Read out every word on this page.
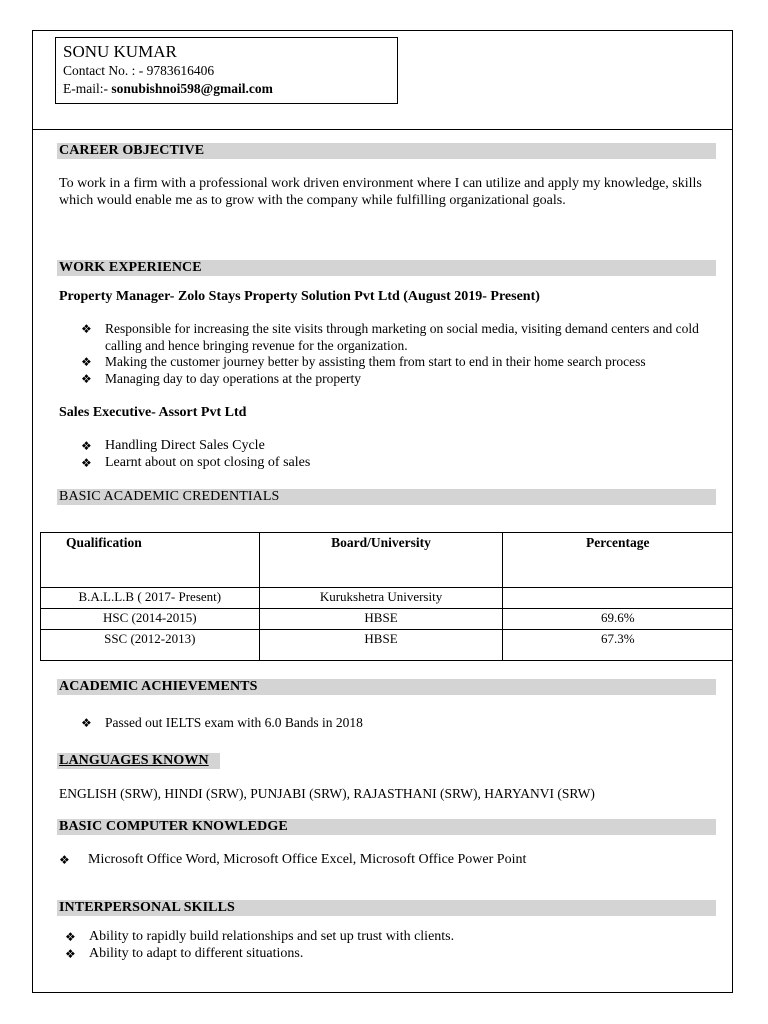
SONU KUMAR
Contact No. : - 9783616406
E-mail:- sonubishnoi598@gmail.com
CAREER OBJECTIVE
To work in a firm with a professional work driven environment where I can utilize and apply my knowledge, skills which would enable me as to grow with the company while fulfilling organizational goals.
WORK EXPERIENCE
Property Manager- Zolo Stays Property Solution Pvt Ltd (August 2019- Present)
❖ Responsible for increasing the site visits through marketing on social media, visiting demand centers and cold calling and hence bringing revenue for the organization.
❖ Making the customer journey better by assisting them from start to end in their home search process
❖ Managing day to day operations at the property
Sales Executive- Assort Pvt Ltd
❖ Handling Direct Sales Cycle
❖ Learnt about on spot closing of sales
BASIC ACADEMIC CREDENTIALS
Qualification	Board/University	Percentage
B.A.L.L.B ( 2017- Present)	Kurukshetra University	
HSC (2014-2015)	HBSE	69.6%
SSC (2012-2013)	HBSE	67.3%
ACADEMIC ACHIEVEMENTS
❖ Passed out IELTS exam with 6.0 Bands in 2018
LANGUAGES KNOWN
ENGLISH (SRW), HINDI (SRW), PUNJABI (SRW), RAJASTHANI (SRW), HARYANVI (SRW)
BASIC COMPUTER KNOWLEDGE
❖ Microsoft Office Word, Microsoft Office Excel, Microsoft Office Power Point
INTERPERSONAL SKILLS
❖ Ability to rapidly build relationships and set up trust with clients.
❖ Ability to adapt to different situations.
